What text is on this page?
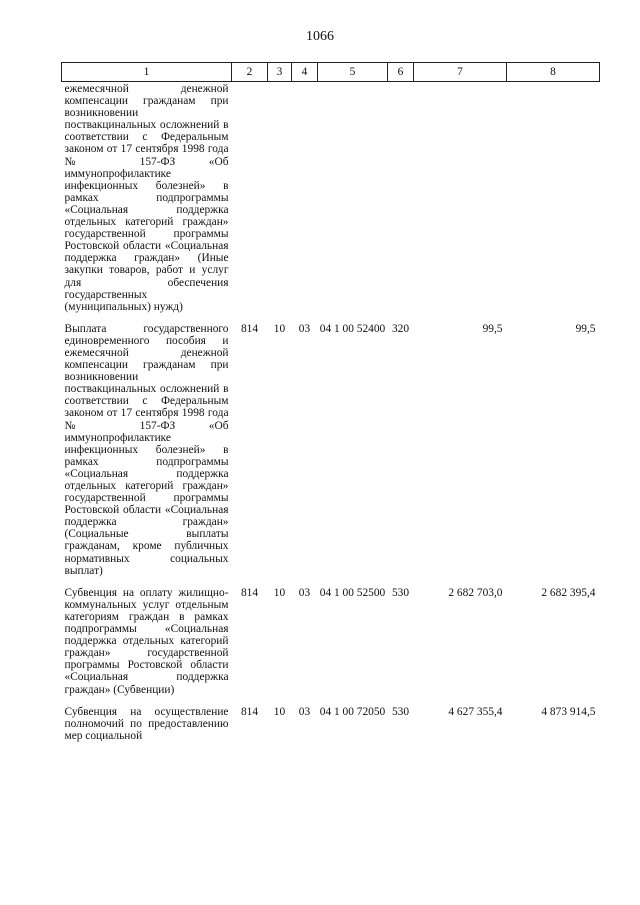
1066
1	2	3	4	5	6	7	8
ежемесячной денежной компенсации гражданам при возникновении поствакцинальных осложнений в соответствии с Федеральным законом от 17 сентября 1998 года № 157-ФЗ «Об иммунопрофилактике инфекционных болезней» в рамках подпрограммы «Социальная поддержка отдельных категорий граждан» государственной программы Ростовской области «Социальная поддержка граждан» (Иные закупки товаров, работ и услуг для обеспечения государственных (муниципальных) нужд)							
Выплата государственного единовременного пособия и ежемесячной денежной компенсации гражданам при возникновении поствакцинальных осложнений в соответствии с Федеральным законом от 17 сентября 1998 года № 157-ФЗ «Об иммунопрофилактике инфекционных болезней» в рамках подпрограммы «Социальная поддержка отдельных категорий граждан» государственной программы Ростовской области «Социальная поддержка граждан» (Социальные выплаты гражданам, кроме публичных нормативных социальных выплат)	814	10	03	04 1 00 52400	320	99,5	99,5
Субвенция на оплату жилищно-коммунальных услуг отдельным категориям граждан в рамках подпрограммы «Социальная поддержка отдельных категорий граждан» государственной программы Ростовской области «Социальная поддержка граждан» (Субвенции)	814	10	03	04 1 00 52500	530	2 682 703,0	2 682 395,4
Субвенция на осуществление полномочий по предоставлению мер социальной	814	10	03	04 1 00 72050	530	4 627 355,4	4 873 914,5
